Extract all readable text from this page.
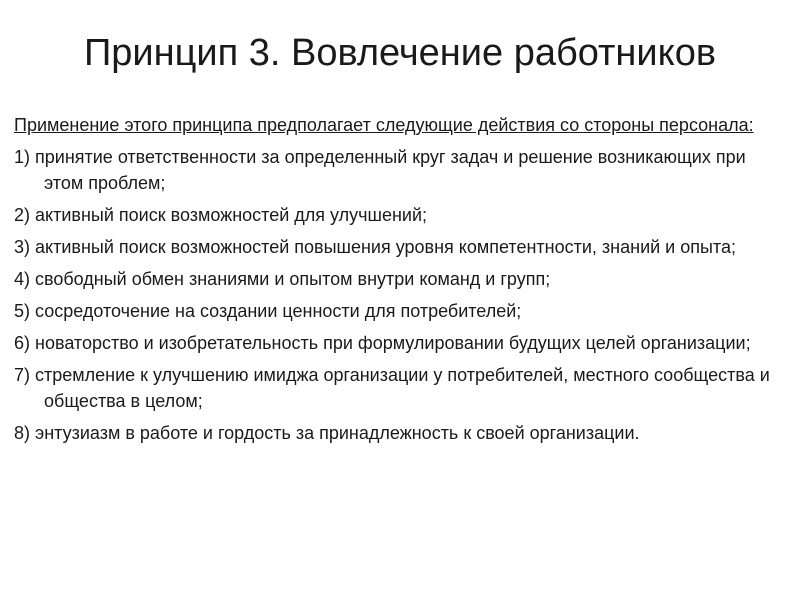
Принцип 3. Вовлечение работников

Применение этого принципа предполагает следующие действия со стороны персонала:

1) принятие ответственности за определенный круг задач и решение возникающих при этом проблем;
2) активный поиск возможностей для улучшений;
3) активный поиск возможностей повышения уровня компетентности, знаний и опыта;
4) свободный обмен знаниями и опытом внутри команд и групп;
5) сосредоточение на создании ценности для потребителей;
6) новаторство и изобретательность при формулировании будущих целей организации;
7) стремление к улучшению имиджа организации у потребителей, местного сообщества и общества в целом;
8) энтузиазм в работе и гордость за принадлежность к своей организации.
